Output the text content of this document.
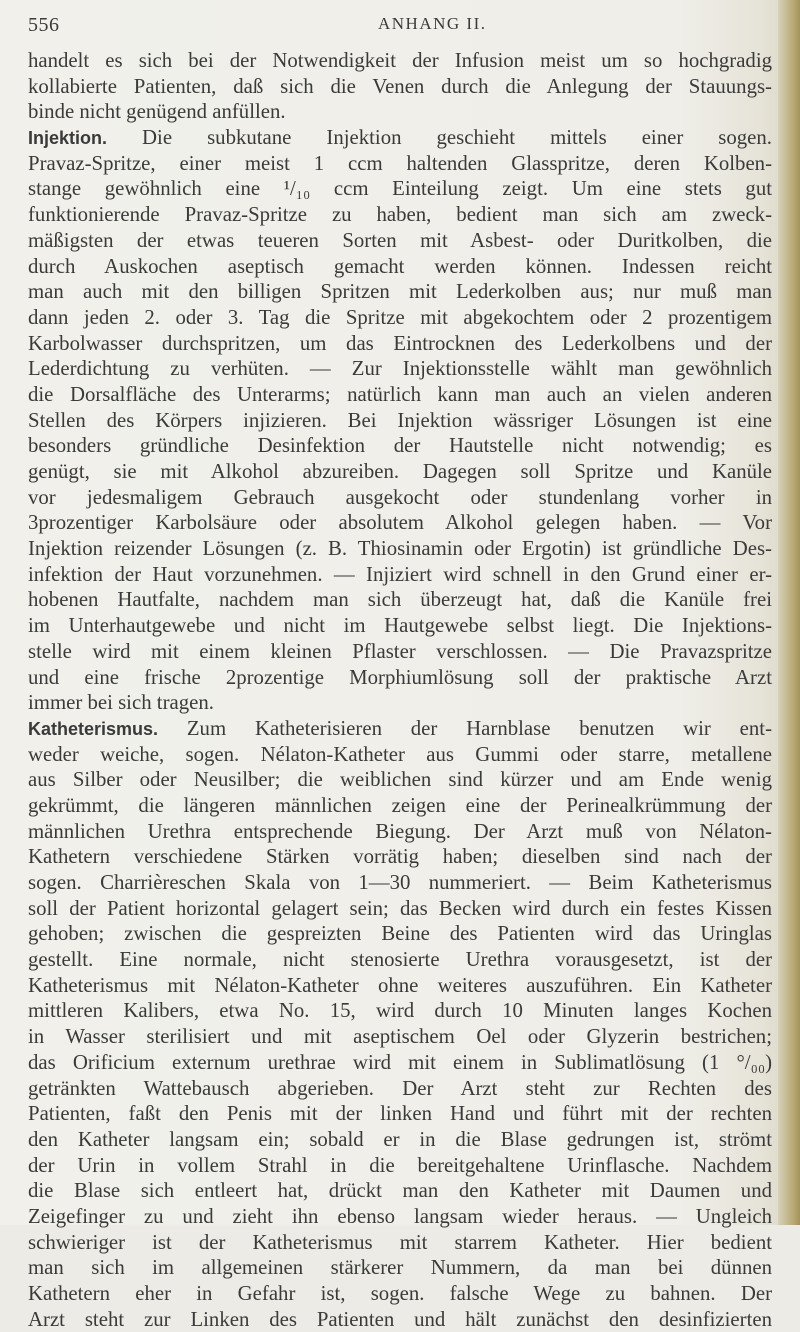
556	ANHANG II.
handelt es sich bei der Notwendigkeit der Infusion meist um so hochgradig
kollabierte Patienten, daß sich die Venen durch die Anlegung der Stauungs-
binde nicht genügend anfüllen.
Injektion. Die subkutane Injektion geschieht mittels einer sogen.
Pravaz-Spritze, einer meist 1 ccm haltenden Glasspritze, deren Kolben-
stange gewöhnlich eine ¹/₁₀ ccm Einteilung zeigt. Um eine stets gut
funktionierende Pravaz-Spritze zu haben, bedient man sich am zweck-
mäßigsten der etwas teueren Sorten mit Asbest- oder Duritkolben, die
durch Auskochen aseptisch gemacht werden können. Indessen reicht
man auch mit den billigen Spritzen mit Lederkolben aus; nur muß man
dann jeden 2. oder 3. Tag die Spritze mit abgekochtem oder 2 prozentigem
Karbolwasser durchspritzen, um das Eintrocknen des Lederkolbens und der
Lederdichtung zu verhüten. — Zur Injektionsstelle wählt man gewöhnlich
die Dorsalfläche des Unterarms; natürlich kann man auch an vielen anderen
Stellen des Körpers injizieren. Bei Injektion wässriger Lösungen ist eine
besonders gründliche Desinfektion der Hautstelle nicht notwendig; es
genügt, sie mit Alkohol abzureiben. Dagegen soll Spritze und Kanüle
vor jedesmaligem Gebrauch ausgekocht oder stundenlang vorher in
3prozentiger Karbolsäure oder absolutem Alkohol gelegen haben. — Vor
Injektion reizender Lösungen (z. B. Thiosinamin oder Ergotin) ist gründliche Des-
infektion der Haut vorzunehmen. — Injiziert wird schnell in den Grund einer er-
hobenen Hautfalte, nachdem man sich überzeugt hat, daß die Kanüle frei
im Unterhautgewebe und nicht im Hautgewebe selbst liegt. Die Injektions-
stelle wird mit einem kleinen Pflaster verschlossen. — Die Pravazspritze
und eine frische 2prozentige Morphiumlösung soll der praktische Arzt
immer bei sich tragen.
Katheterismus. Zum Katheterisieren der Harnblase benutzen wir ent-
weder weiche, sogen. Nélaton-Katheter aus Gummi oder starre, metallene
aus Silber oder Neusilber; die weiblichen sind kürzer und am Ende wenig
gekrümmt, die längeren männlichen zeigen eine der Perinealkrümmung der
männlichen Urethra entsprechende Biegung. Der Arzt muß von Nélaton-
Kathetern verschiedene Stärken vorrätig haben; dieselben sind nach der
sogen. Charrièreschen Skala von 1—30 nummeriert. — Beim Katheterismus
soll der Patient horizontal gelagert sein; das Becken wird durch ein festes Kissen
gehoben; zwischen die gespreizten Beine des Patienten wird das Uringlas
gestellt. Eine normale, nicht stenosierte Urethra vorausgesetzt, ist der
Katheterismus mit Nélaton-Katheter ohne weiteres auszuführen. Ein Katheter
mittleren Kalibers, etwa No. 15, wird durch 10 Minuten langes Kochen
in Wasser sterilisiert und mit aseptischem Oel oder Glyzerin bestrichen;
das Orificium externum urethrae wird mit einem in Sublimatlösung (1 °/₀₀)
getränkten Wattebausch abgerieben. Der Arzt steht zur Rechten des
Patienten, faßt den Penis mit der linken Hand und führt mit der rechten
den Katheter langsam ein; sobald er in die Blase gedrungen ist, strömt
der Urin in vollem Strahl in die bereitgehaltene Urinflasche. Nachdem
die Blase sich entleert hat, drückt man den Katheter mit Daumen und
Zeigefinger zu und zieht ihn ebenso langsam wieder heraus. — Ungleich
schwieriger ist der Katheterismus mit starrem Katheter. Hier bedient
man sich im allgemeinen stärkerer Nummern, da man bei dünnen
Kathetern eher in Gefahr ist, sogen. falsche Wege zu bahnen. Der
Arzt steht zur Linken des Patienten und hält zunächst den desinfizierten
